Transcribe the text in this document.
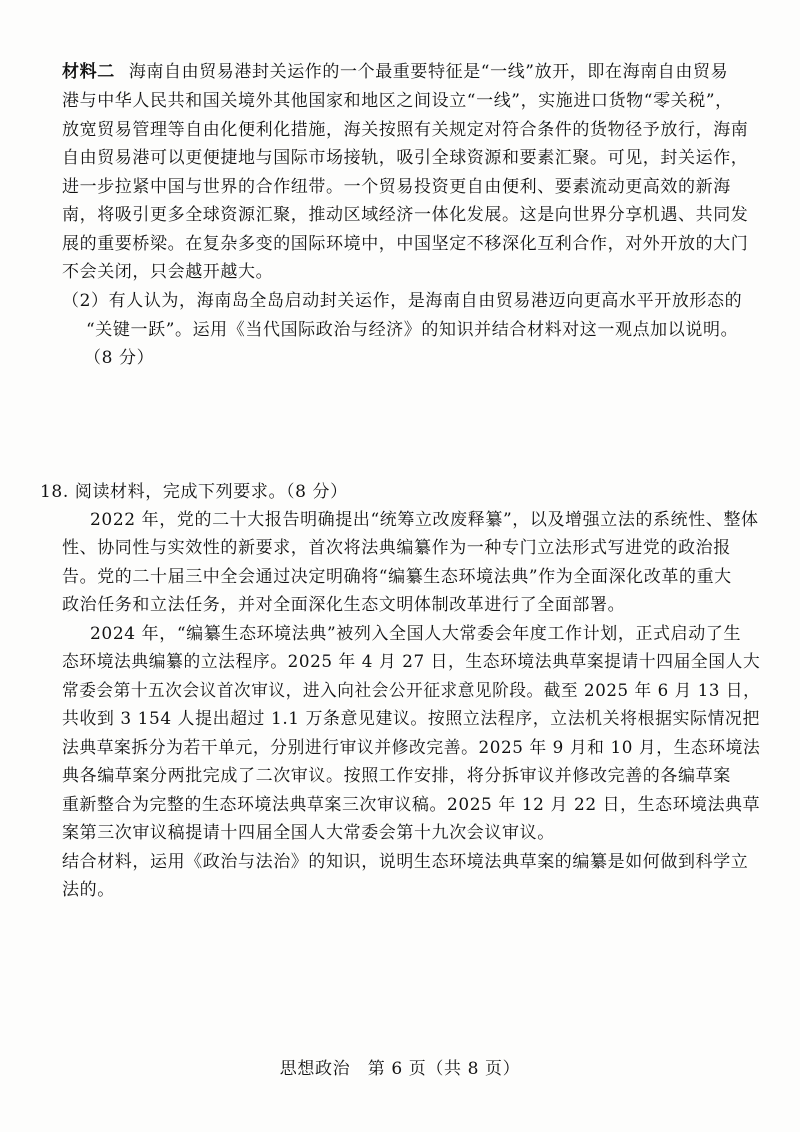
材料二 海南自由贸易港封关运作的一个最重要特征是“一线”放开，即在海南自由贸易
港与中华人民共和国关境外其他国家和地区之间设立“一线”，实施进口货物“零关税”，
放宽贸易管理等自由化便利化措施，海关按照有关规定对符合条件的货物径予放行，海南
自由贸易港可以更便捷地与国际市场接轨，吸引全球资源和要素汇聚。可见，封关运作，
进一步拉紧中国与世界的合作纽带。一个贸易投资更自由便利、要素流动更高效的新海
南，将吸引更多全球资源汇聚，推动区域经济一体化发展。这是向世界分享机遇、共同发
展的重要桥梁。在复杂多变的国际环境中，中国坚定不移深化互利合作，对外开放的大门
不会关闭，只会越开越大。
（2）有人认为，海南岛全岛启动封关运作，是海南自由贸易港迈向更高水平开放形态的
“关键一跃”。运用《当代国际政治与经济》的知识并结合材料对这一观点加以说明。
（8 分）
18. 阅读材料，完成下列要求。（8 分）
2022 年，党的二十大报告明确提出“统筹立改废释纂”，以及增强立法的系统性、整体
性、协同性与实效性的新要求，首次将法典编纂作为一种专门立法形式写进党的政治报
告。党的二十届三中全会通过决定明确将“编纂生态环境法典”作为全面深化改革的重大
政治任务和立法任务，并对全面深化生态文明体制改革进行了全面部署。
2024 年，“编纂生态环境法典”被列入全国人大常委会年度工作计划，正式启动了生
态环境法典编纂的立法程序。2025 年 4 月 27 日，生态环境法典草案提请十四届全国人大
常委会第十五次会议首次审议，进入向社会公开征求意见阶段。截至 2025 年 6 月 13 日，
共收到 3 154 人提出超过 1.1 万条意见建议。按照立法程序，立法机关将根据实际情况把
法典草案拆分为若干单元，分别进行审议并修改完善。2025 年 9 月和 10 月，生态环境法
典各编草案分两批完成了二次审议。按照工作安排，将分拆审议并修改完善的各编草案
重新整合为完整的生态环境法典草案三次审议稿。2025 年 12 月 22 日，生态环境法典草
案第三次审议稿提请十四届全国人大常委会第十九次会议审议。
结合材料，运用《政治与法治》的知识，说明生态环境法典草案的编纂是如何做到科学立
法的。
思想政治　第 6 页（共 8 页）
